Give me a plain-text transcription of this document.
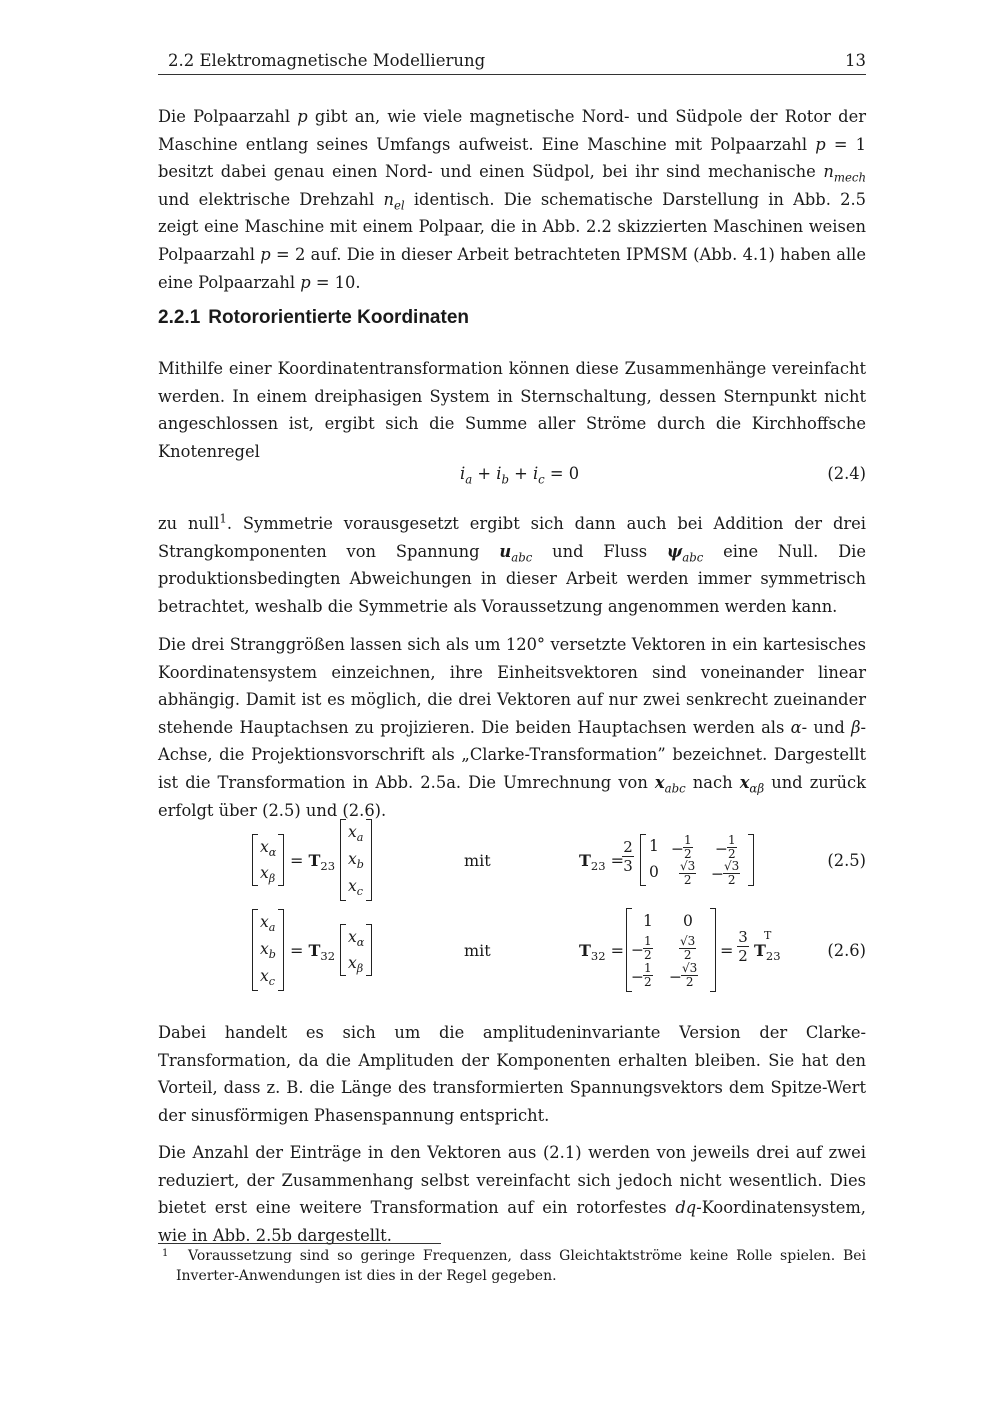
2.2 Elektromagnetische Modellierung	13

Die Polpaarzahl p gibt an, wie viele magnetische Nord- und Südpole der Rotor der Maschine entlang seines Umfangs aufweist. Eine Maschine mit Polpaarzahl p = 1 besitzt dabei genau einen Nord- und einen Südpol, bei ihr sind mechanische $n_{mech}$ und elektrische Drehzahl $n_{el}$ identisch. Die schematische Darstellung in Abb. 2.5 zeigt eine Maschine mit einem Polpaar, die in Abb. 2.2 skizzierten Maschinen weisen Polpaarzahl p = 2 auf. Die in dieser Arbeit betrachteten IPMSM (Abb. 4.1) haben alle eine Polpaarzahl p = 10.

2.2.1 Rotororientierte Koordinaten

Mithilfe einer Koordinatentransformation können diese Zusammenhänge vereinfacht werden. In einem dreiphasigen System in Sternschaltung, dessen Sternpunkt nicht angeschlossen ist, ergibt sich die Summe aller Ströme durch die Kirchhoffsche Knotenregel

$i_a + i_b + i_c = 0$	(2.4)

zu null$^1$. Symmetrie vorausgesetzt ergibt sich dann auch bei Addition der drei Strangkomponenten von Spannung $u_{abc}$ und Fluss $\psi_{abc}$ eine Null. Die produktionsbedingten Abweichungen in dieser Arbeit werden immer symmetrisch betrachtet, weshalb die Symmetrie als Voraussetzung angenommen werden kann.

Die drei Stranggrößen lassen sich als um 120° versetzte Vektoren in ein kartesisches Koordinatensystem einzeichnen, ihre Einheitsvektoren sind voneinander linear abhängig. Damit ist es möglich, die drei Vektoren auf nur zwei senkrecht zueinander stehende Hauptachsen zu projizieren. Die beiden Hauptachsen werden als α- und β-Achse, die Projektionsvorschrift als „Clarke-Transformation” bezeichnet. Dargestellt ist die Transformation in Abb. 2.5a. Die Umrechnung von $x_{abc}$ nach $x_{\alpha\beta}$ und zurück erfolgt über (2.5) und (2.6).

$x_\alpha$
$x_\beta$
= $T_{23}$
$x_a$
$x_b$
$x_c$
mit	$T_{23}$ =
$\frac{2}{3} 1 - \frac{1}{2} - \frac{1}{2}$
$0 \frac{√3}{2} - \frac{√3}{2}$	(2.5)
$x_a$
$x_b$
$x_c$
= $T_{32}$
$x_\alpha$
$x_\beta$
mit	$T_{32}$ =
1 0
− $\frac{1}{2} \frac{√3}{2}$
− $\frac{1}{2} - \frac{√3}{2}$
= $\frac{3}{2} T_{23}$
T
(2.6)

Dabei handelt es sich um die amplitudeninvariante Version der Clarke-Transformation, da die Amplituden der Komponenten erhalten bleiben. Sie hat den Vorteil, dass z. B. die Länge des transformierten Spannungsvektors dem Spitze-Wert der sinusförmigen Phasenspannung entspricht.

Die Anzahl der Einträge in den Vektoren aus (2.1) werden von jeweils drei auf zwei reduziert, der Zusammenhang selbst vereinfacht sich jedoch nicht wesentlich. Dies bietet erst eine weitere Transformation auf ein rotorfestes dq-Koordinatensystem, wie in Abb. 2.5b dargestellt.

1	Voraussetzung sind so geringe Frequenzen, dass Gleichtaktströme keine Rolle spielen. Bei Inverter-Anwendungen ist dies in der Regel gegeben.
